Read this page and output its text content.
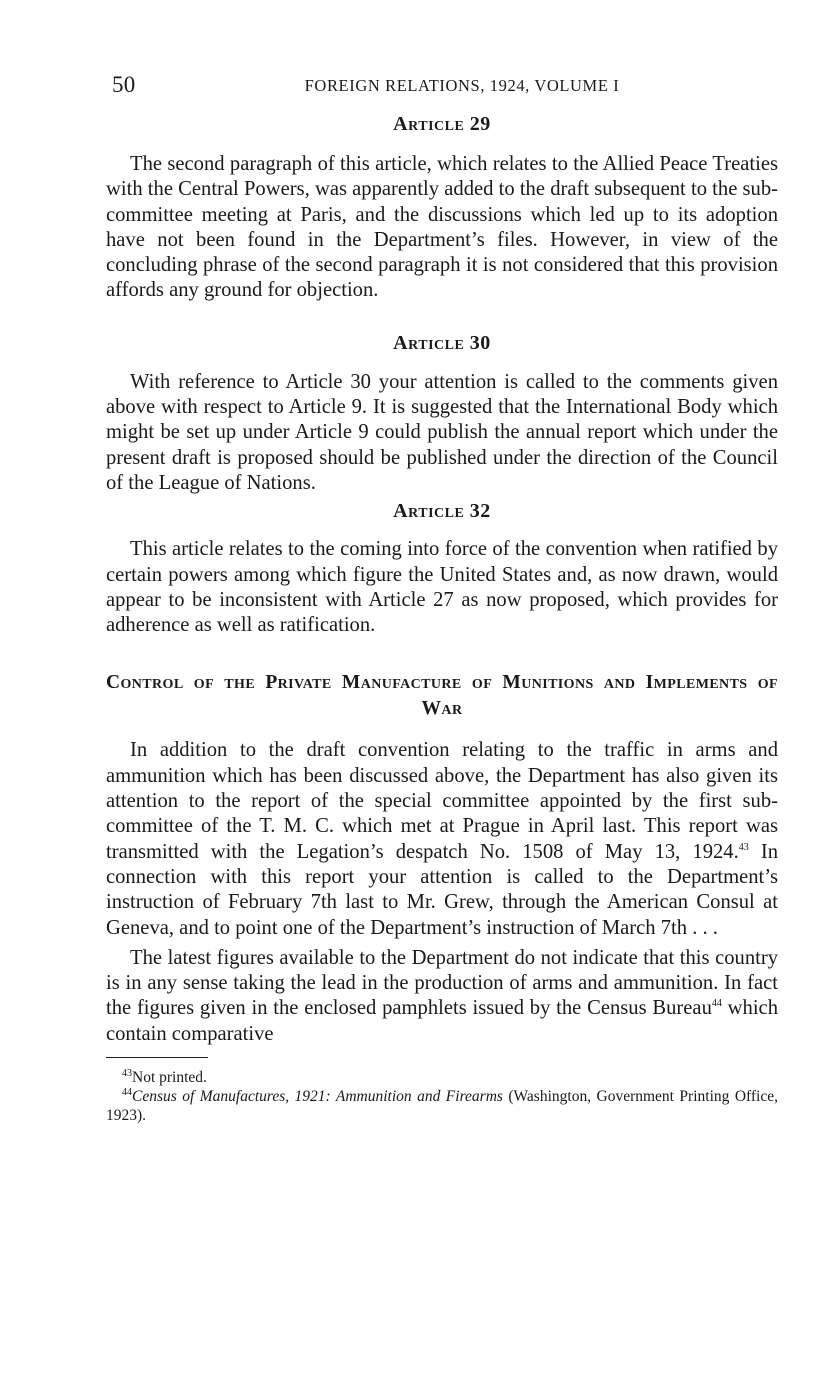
50	FOREIGN RELATIONS, 1924, VOLUME I
Article 29

The second paragraph of this article, which relates to the Allied Peace Treaties with the Central Powers, was apparently added to the draft subsequent to the sub-committee meeting at Paris, and the discussions which led up to its adoption have not been found in the Department’s files. However, in view of the concluding phrase of the second paragraph it is not considered that this provision affords any ground for objection.

Article 30

With reference to Article 30 your attention is called to the comments given above with respect to Article 9. It is suggested that the International Body which might be set up under Article 9 could publish the annual report which under the present draft is proposed should be published under the direction of the Council of the League of Nations.

Article 32

This article relates to the coming into force of the convention when ratified by certain powers among which figure the United States and, as now drawn, would appear to be inconsistent with Article 27 as now proposed, which provides for adherence as well as ratification.

Control of the Private Manufacture of Munitions and Implements of War

In addition to the draft convention relating to the traffic in arms and ammunition which has been discussed above, the Department has also given its attention to the report of the special committee appointed by the first sub-committee of the T. M. C. which met at Prague in April last. This report was transmitted with the Legation’s despatch No. 1508 of May 13, 1924.43 In connection with this report your attention is called to the Department’s instruction of February 7th last to Mr. Grew, through the American Consul at Geneva, and to point one of the Department’s instruction of March 7th . . .

The latest figures available to the Department do not indicate that this country is in any sense taking the lead in the production of arms and ammunition. In fact the figures given in the enclosed pamphlets issued by the Census Bureau$^{44}$ which contain comparative

$^{43}$Not printed.

$^{44}$Census of Manufactures, 1921: Ammunition and Firearms (Washington, Government Printing Office, 1923).
